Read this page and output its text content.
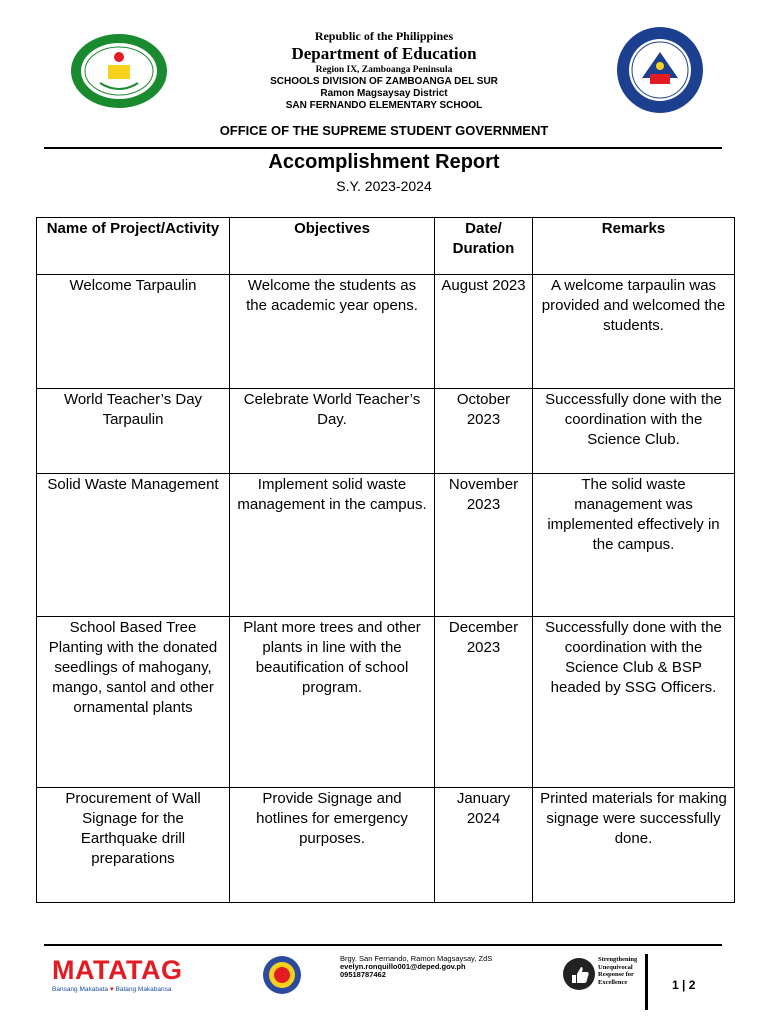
Republic of the Philippines
Department of Education
Region IX, Zamboanga Peninsula
SCHOOLS DIVISION OF ZAMBOANGA DEL SUR
Ramon Magsaysay District
SAN FERNANDO ELEMENTARY SCHOOL
OFFICE OF THE SUPREME STUDENT GOVERNMENT
Accomplishment Report
S.Y. 2023-2024
Name of Project/Activity	Objectives	Date/ Duration	Remarks
Welcome Tarpaulin	Welcome the students as the academic year opens.	August 2023	A welcome tarpaulin was provided and welcomed the students.
World Teacher’s Day Tarpaulin	Celebrate World Teacher’s Day.	October 2023	Successfully done with the coordination with the Science Club.
Solid Waste Management	Implement solid waste management in the campus.	November 2023	The solid waste management was implemented effectively in the campus.
School Based Tree Planting with the donated seedlings of mahogany, mango, santol and other ornamental plants	Plant more trees and other plants in line with the beautification of school program.	December 2023	Successfully done with the coordination with the Science Club & BSP headed by SSG Officers.
Procurement of Wall Signage for the Earthquake drill preparations	Provide Signage and hotlines for emergency purposes.	January 2024	Printed materials for making signage were successfully done.
MATATAG
Bansang Makabata ♥ Batang Makabansa
Brgy. San Fernando, Ramon Magsaysay, ZdS
evelyn.ronquillo001@deped.gov.ph
09518787462
Strengthening
Unequivocal
Response for
Excellence	1 | 2
